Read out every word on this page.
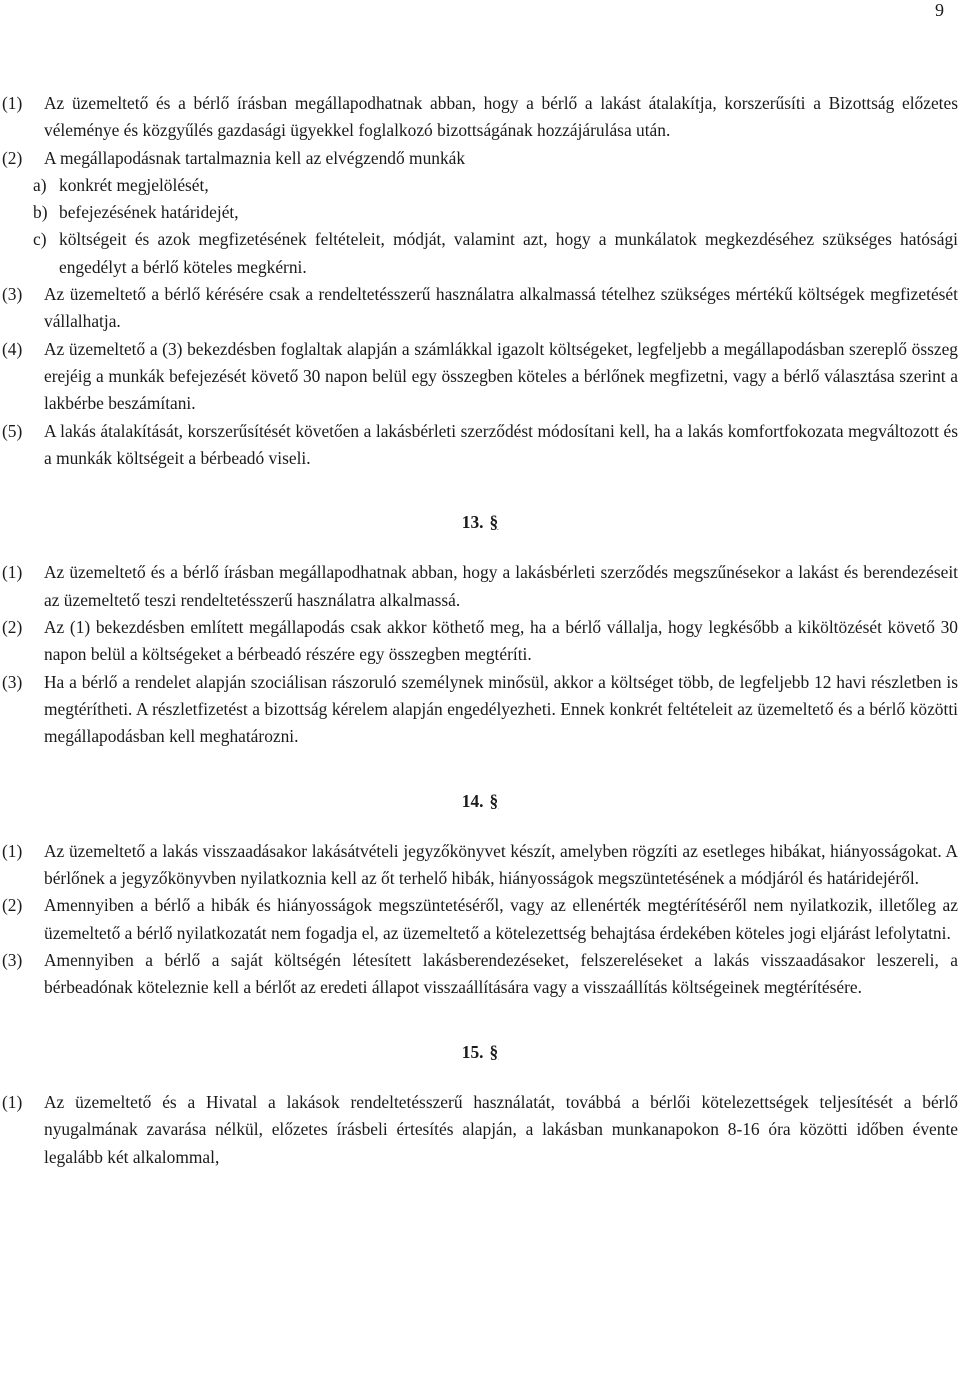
9
(1) Az üzemeltető és a bérlő írásban megállapodhatnak abban, hogy a bérlő a lakást átalakítja, korszerűsíti a Bizottság előzetes véleménye és közgyűlés gazdasági ügyekkel foglalkozó bizottságának hozzájárulása után.
(2) A megállapodásnak tartalmaznia kell az elvégzendő munkák
a) konkrét megjelölését,
b) befejezésének határidejét,
c) költségeit és azok megfizetésének feltételeit, módját, valamint azt, hogy a munkálatok megkezdéséhez szükséges hatósági engedélyt a bérlő köteles megkérni.
(3) Az üzemeltető a bérlő kérésére csak a rendeltetésszerű használatra alkalmassá tételhez szükséges mértékű költségek megfizetését vállalhatja.
(4) Az üzemeltető a (3) bekezdésben foglaltak alapján a számlákkal igazolt költségeket, legfeljebb a megállapodásban szereplő összeg erejéig a munkák befejezését követő 30 napon belül egy összegben köteles a bérlőnek megfizetni, vagy a bérlő választása szerint a lakbérbe beszámítani.
(5) A lakás átalakítását, korszerűsítését követően a lakásbérleti szerződést módosítani kell, ha a lakás komfortfokozata megváltozott és a munkák költségeit a bérbeadó viseli.
13. §
(1) Az üzemeltető és a bérlő írásban megállapodhatnak abban, hogy a lakásbérleti szerződés megszűnésekor a lakást és berendezéseit az üzemeltető teszi rendeltetésszerű használatra alkalmassá.
(2) Az (1) bekezdésben említett megállapodás csak akkor köthető meg, ha a bérlő vállalja, hogy legkésőbb a kiköltözését követő 30 napon belül a költségeket a bérbeadó részére egy összegben megtéríti.
(3) Ha a bérlő a rendelet alapján szociálisan rászoruló személynek minősül, akkor a költséget több, de legfeljebb 12 havi részletben is megtérítheti. A részletfizetést a bizottság kérelem alapján engedélyezheti. Ennek konkrét feltételeit az üzemeltető és a bérlő közötti megállapodásban kell meghatározni.
14. §
(1) Az üzemeltető a lakás visszaadásakor lakásátvételi jegyzőkönyvet készít, amelyben rögzíti az esetleges hibákat, hiányosságokat. A bérlőnek a jegyzőkönyvben nyilatkoznia kell az őt terhelő hibák, hiányosságok megszüntetésének a módjáról és határidejéről.
(2) Amennyiben a bérlő a hibák és hiányosságok megszüntetéséről, vagy az ellenérték megtérítéséről nem nyilatkozik, illetőleg az üzemeltető a bérlő nyilatkozatát nem fogadja el, az üzemeltető a kötelezettség behajtása érdekében köteles jogi eljárást lefolytatni.
(3) Amennyiben a bérlő a saját költségén létesített lakásberendezéseket, felszereléseket a lakás visszaadásakor leszereli, a bérbeadónak köteleznie kell a bérlőt az eredeti állapot visszaállítására vagy a visszaállítás költségeinek megtérítésére.
15. §
(1) Az üzemeltető és a Hivatal a lakások rendeltetésszerű használatát, továbbá a bérlői kötelezettségek teljesítését a bérlő nyugalmának zavarása nélkül, előzetes írásbeli értesítés alapján, a lakásban munkanapokon 8-16 óra közötti időben évente legalább két alkalommal,
